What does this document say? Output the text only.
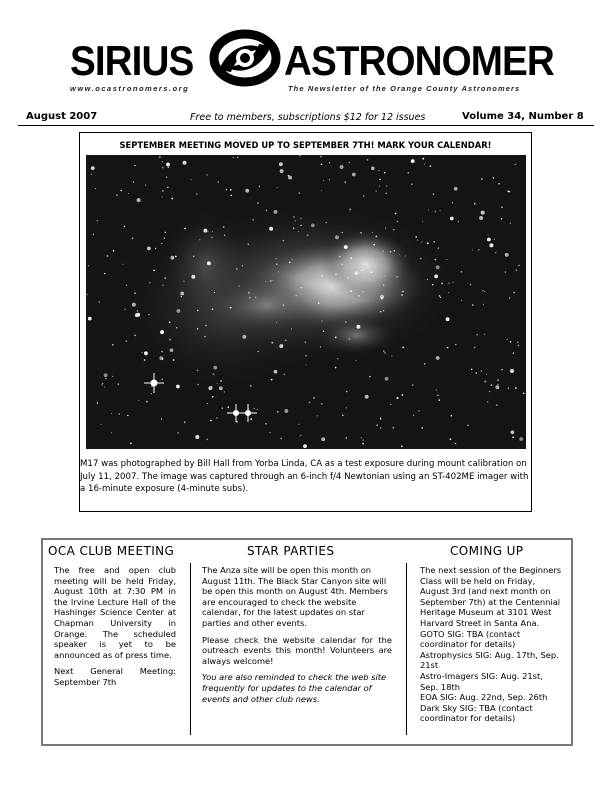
SIRIUS ASTRONOMER
www.ocastronomers.org	The Newsletter of the Orange County Astronomers
August 2007	Free to members, subscriptions $12 for 12 issues	Volume 34, Number 8
SEPTEMBER MEETING MOVED UP TO SEPTEMBER 7TH! MARK YOUR CALENDAR!
M17 was photographed by Bill Hall from Yorba Linda, CA as a test exposure during mount calibration on
July 11, 2007. The image was captured through an 6-inch f/4 Newtonian using an ST-402ME imager with
a 16-minute exposure (4-minute subs).
OCA CLUB MEETING

The free and open club meeting will be held Friday, August 10th at 7:30 PM in the Irvine Lecture Hall of the Hashinger Science Center at Chapman University in Orange. The scheduled speaker is yet to be announced as of press time.

Next General Meeting: September 7th

STAR PARTIES

The Anza site will be open this month on August 11th. The Black Star Canyon site will be open this month on August 4th. Members are encouraged to check the website calendar, for the latest updates on star parties and other events.

Please check the website calendar for the outreach events this month! Volunteers are always welcome!

You are also reminded to check the web site frequently for updates to the calendar of events and other club news.

COMING UP
The next session of the Beginners Class will be held on Friday, August 3rd (and next month on September 7th) at the Centennial Heritage Museum at 3101 West Harvard Street in Santa Ana.
GOTO SIG: TBA (contact coordinator for details)
Astrophysics SIG: Aug. 17th, Sep. 21st
Astro-Imagers SIG: Aug. 21st, Sep. 18th
EOA SIG: Aug. 22nd, Sep. 26th
Dark Sky SIG: TBA (contact coordinator for details)
